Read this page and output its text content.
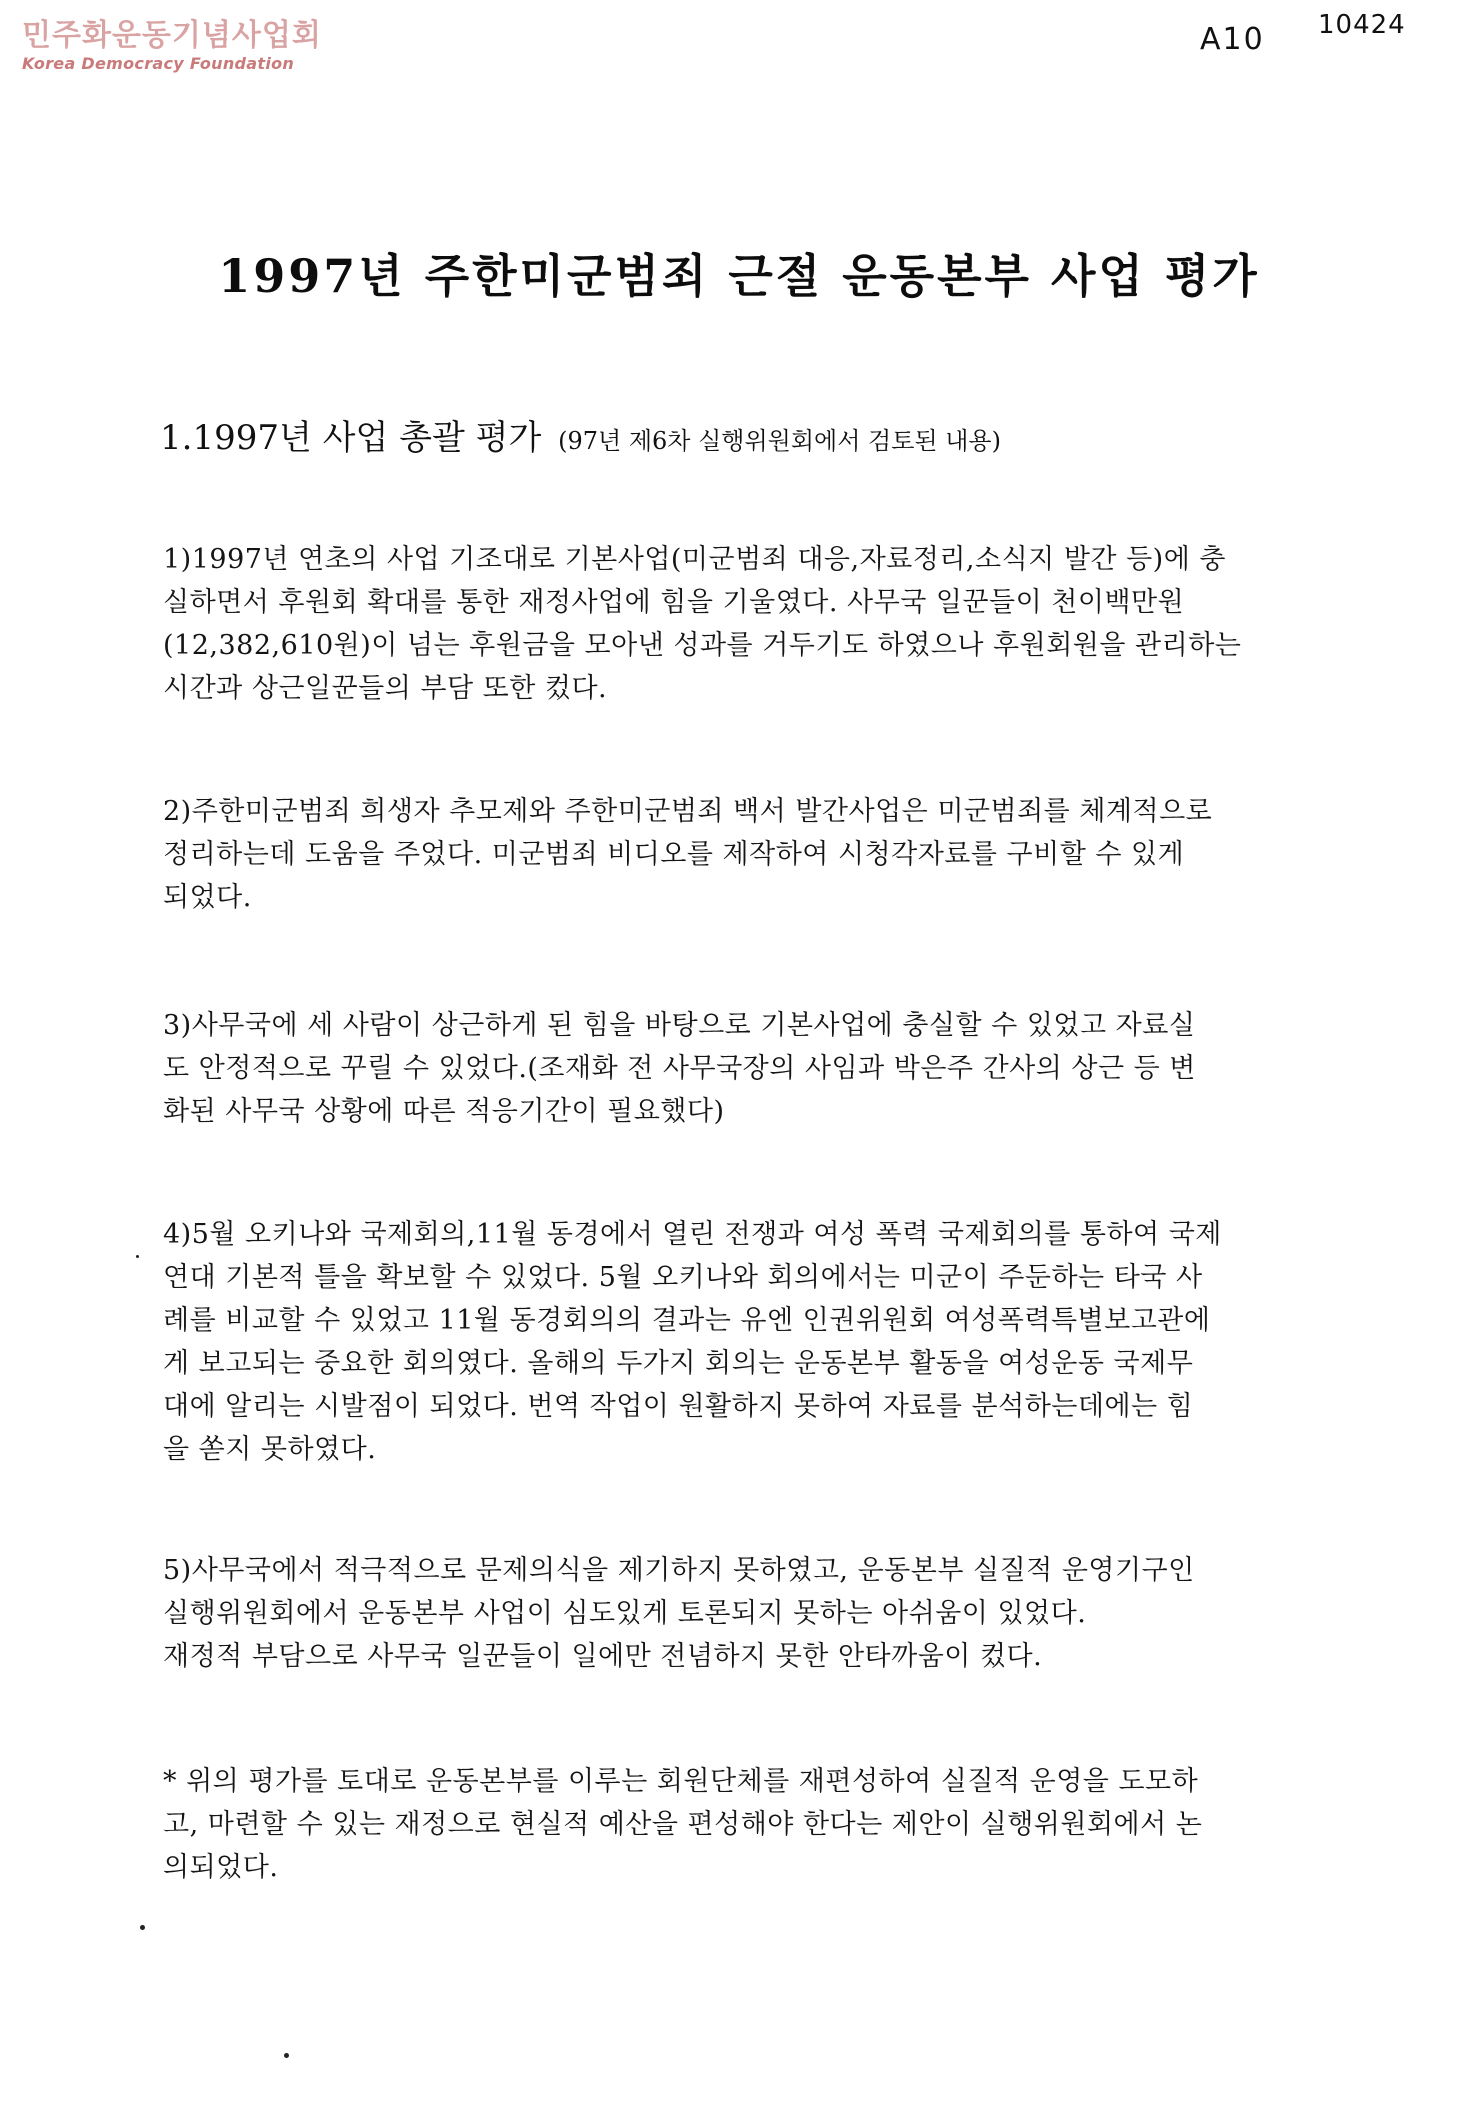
민주화운동기념사업회
Korea Democracy Foundation
A10 10424
1997년 주한미군범죄 근절 운동본부 사업 평가
1.1997년 사업 총괄 평가 (97년 제6차 실행위원회에서 검토된 내용)
1)1997년 연초의 사업 기조대로 기본사업(미군범죄 대응,자료정리,소식지 발간 등)에 충
실하면서 후원회 확대를 통한 재정사업에 힘을 기울였다. 사무국 일꾼들이 천이백만원
(12,382,610원)이 넘는 후원금을 모아낸 성과를 거두기도 하였으나 후원회원을 관리하는
시간과 상근일꾼들의 부담 또한 컸다.
2)주한미군범죄 희생자 추모제와 주한미군범죄 백서 발간사업은 미군범죄를 체계적으로
정리하는데 도움을 주었다. 미군범죄 비디오를 제작하여 시청각자료를 구비할 수 있게
되었다.
3)사무국에 세 사람이 상근하게 된 힘을 바탕으로 기본사업에 충실할 수 있었고 자료실
도 안정적으로 꾸릴 수 있었다.(조재화 전 사무국장의 사임과 박은주 간사의 상근 등 변
화된 사무국 상황에 따른 적응기간이 필요했다)
4)5월 오키나와 국제회의,11월 동경에서 열린 전쟁과 여성 폭력 국제회의를 통하여 국제
연대 기본적 틀을 확보할 수 있었다. 5월 오키나와 회의에서는 미군이 주둔하는 타국 사
례를 비교할 수 있었고 11월 동경회의의 결과는 유엔 인권위원회 여성폭력특별보고관에
게 보고되는 중요한 회의였다. 올해의 두가지 회의는 운동본부 활동을 여성운동 국제무
대에 알리는 시발점이 되었다. 번역 작업이 원활하지 못하여 자료를 분석하는데에는 힘
을 쏟지 못하였다.
5)사무국에서 적극적으로 문제의식을 제기하지 못하였고, 운동본부 실질적 운영기구인
실행위원회에서 운동본부 사업이 심도있게 토론되지 못하는 아쉬움이 있었다.
재정적 부담으로 사무국 일꾼들이 일에만 전념하지 못한 안타까움이 컸다.
* 위의 평가를 토대로 운동본부를 이루는 회원단체를 재편성하여 실질적 운영을 도모하
고, 마련할 수 있는 재정으로 현실적 예산을 편성해야 한다는 제안이 실행위원회에서 논
의되었다.
